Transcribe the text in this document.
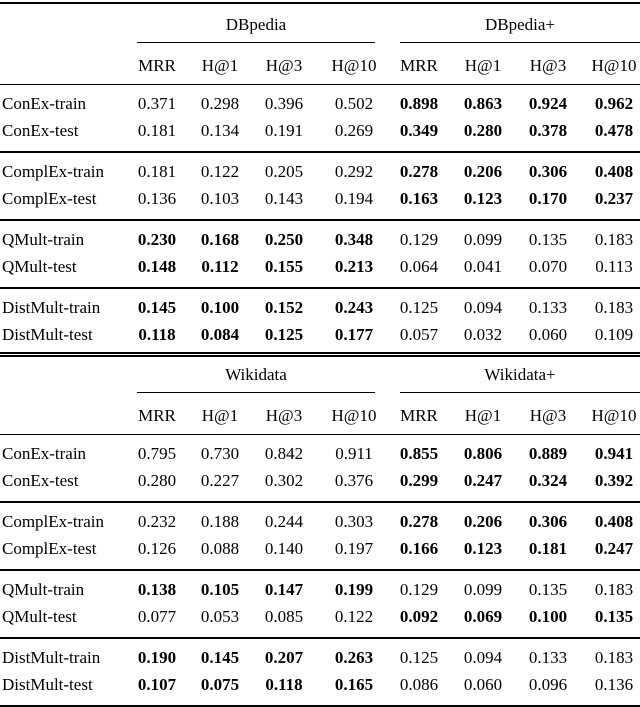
DBpedia	DBpedia+
MRR	H@1	H@3	H@10	MRR	H@1	H@3	H@10
ConEx-train	0.371	0.298	0.396	0.502	0.898	0.863	0.924	0.962
ConEx-test	0.181	0.134	0.191	0.269	0.349	0.280	0.378	0.478
ComplEx-train	0.181	0.122	0.205	0.292	0.278	0.206	0.306	0.408
ComplEx-test	0.136	0.103	0.143	0.194	0.163	0.123	0.170	0.237
QMult-train	0.230	0.168	0.250	0.348	0.129	0.099	0.135	0.183
QMult-test	0.148	0.112	0.155	0.213	0.064	0.041	0.070	0.113
DistMult-train	0.145	0.100	0.152	0.243	0.125	0.094	0.133	0.183
DistMult-test	0.118	0.084	0.125	0.177	0.057	0.032	0.060	0.109
Wikidata	Wikidata+
MRR	H@1	H@3	H@10	MRR	H@1	H@3	H@10
ConEx-train	0.795	0.730	0.842	0.911	0.855	0.806	0.889	0.941
ConEx-test	0.280	0.227	0.302	0.376	0.299	0.247	0.324	0.392
ComplEx-train	0.232	0.188	0.244	0.303	0.278	0.206	0.306	0.408
ComplEx-test	0.126	0.088	0.140	0.197	0.166	0.123	0.181	0.247
QMult-train	0.138	0.105	0.147	0.199	0.129	0.099	0.135	0.183
QMult-test	0.077	0.053	0.085	0.122	0.092	0.069	0.100	0.135
DistMult-train	0.190	0.145	0.207	0.263	0.125	0.094	0.133	0.183
DistMult-test	0.107	0.075	0.118	0.165	0.086	0.060	0.096	0.136
